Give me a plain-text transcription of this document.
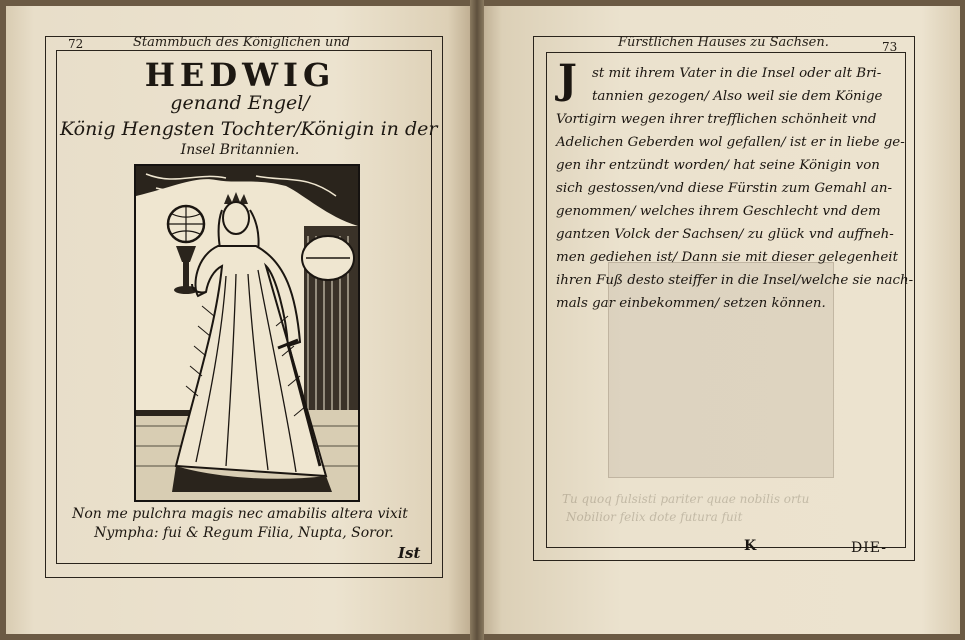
72	Stammbuch des Königlichen und
HEDWIG
genand Engel/
König Hengsten Tochter/Königin in der
Insel Britannien.
Non me pulchra magis nec amabilis altera vixit
Nympha: fui & Regum Filia, Nupta, Soror.
Ist
Fürstlichen Hauses zu Sachsen.	73
Tu quoq fulsisti pariter quae nobilis ortu
Nobilior felix dote futura fuit
J	st mit ihrem Vater in die Insel oder alt Bri-
tannien gezogen/ Also weil sie dem Könige
Vortigirn wegen ihrer trefflichen schönheit vnd
Adelichen Geberden wol gefallen/ ist er in liebe ge-
gen ihr entzündt worden/ hat seine Königin von
sich gestossen/vnd diese Fürstin zum Gemahl an-
genommen/ welches ihrem Geschlecht vnd dem
gantzen Volck der Sachsen/ zu glück vnd auffneh-
men gediehen ist/ Dann sie mit dieser gelegenheit
ihren Fuß desto steiffer in die Insel/welche sie nach-
mals gar einbekommen/ setzen können.
K	DIE-
